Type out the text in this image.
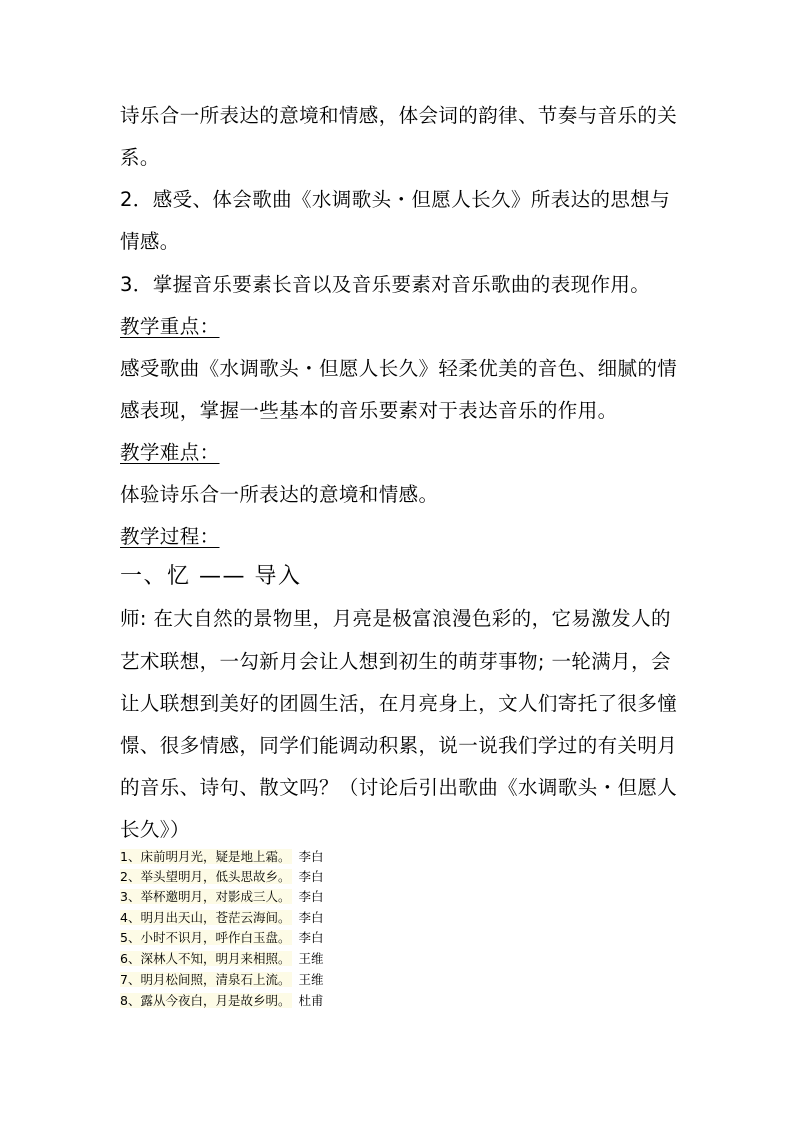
诗乐合一所表达的意境和情感，体会词的韵律、节奏与音乐的关
系。
2．感受、体会歌曲《水调歌头・但愿人长久》所表达的思想与
情感。
3．掌握音乐要素长音以及音乐要素对音乐歌曲的表现作用。
教学重点：
感受歌曲《水调歌头・但愿人长久》轻柔优美的音色、细腻的情
感表现，掌握一些基本的音乐要素对于表达音乐的作用。
教学难点：
体验诗乐合一所表达的意境和情感。
教学过程：
一、忆 —— 导入
师: 在大自然的景物里，月亮是极富浪漫色彩的，它易激发人的
艺术联想，一勾新月会让人想到初生的萌芽事物; 一轮满月，会
让人联想到美好的团圆生活，在月亮身上，文人们寄托了很多憧
憬、很多情感，同学们能调动积累，说一说我们学过的有关明月
的音乐、诗句、散文吗？（讨论后引出歌曲《水调歌头・但愿人
长久》）
1、床前明月光，疑是地上霜。 李白
2、举头望明月，低头思故乡。 李白
3、举杯邀明月，对影成三人。 李白
4、明月出天山，苍茫云海间。 李白
5、小时不识月，呼作白玉盘。 李白
6、深林人不知，明月来相照。 王维
7、明月松间照，清泉石上流。 王维
8、露从今夜白，月是故乡明。 杜甫
